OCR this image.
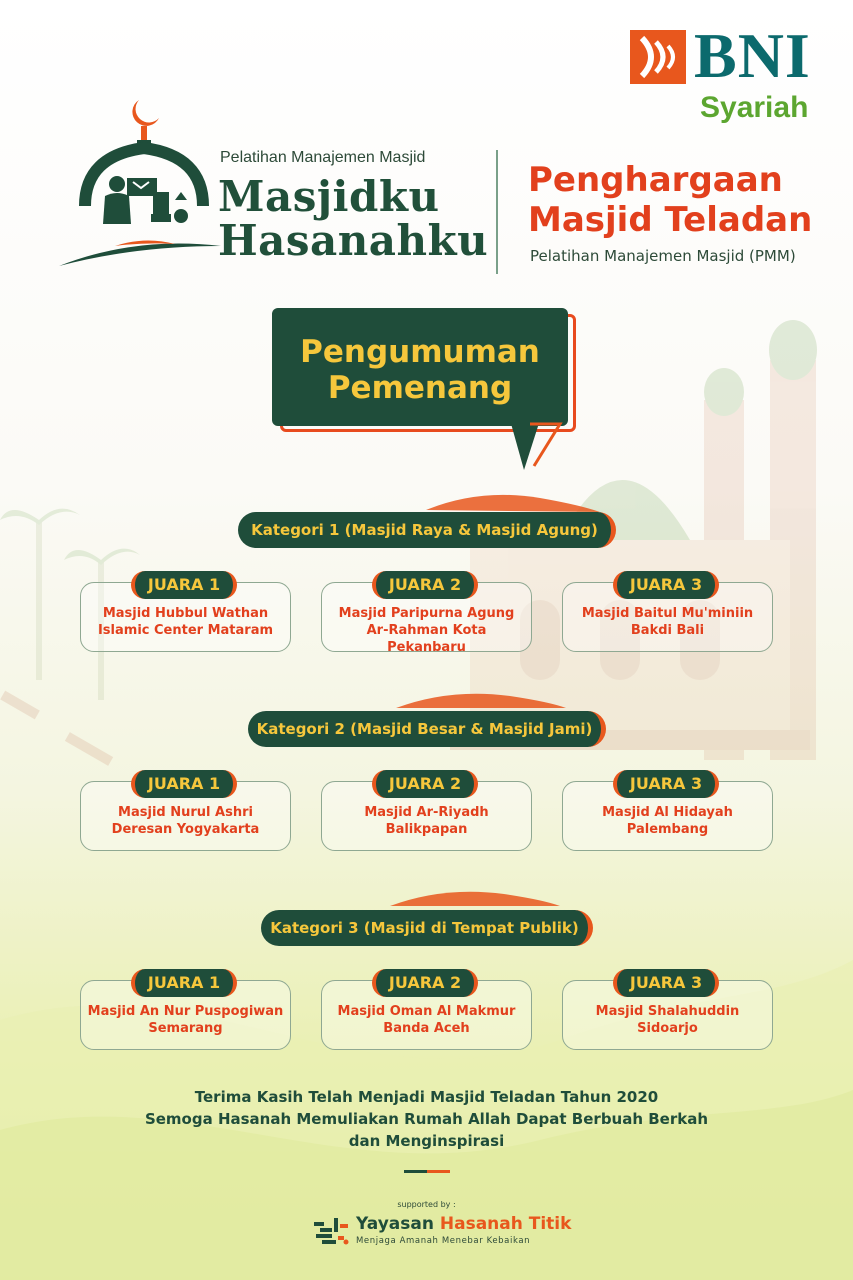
BNI
Syariah
Pelatihan Manajemen Masjid
Masjidku
Hasanahku
Penghargaan
Masjid Teladan
Pelatihan Manajemen Masjid (PMM)
Pengumuman
Pemenang
Kategori 1 (Masjid Raya & Masjid Agung)
Masjid Hubbul Wathan
Islamic Center Mataram
JUARA 1
Masjid Paripurna Agung
Ar-Rahman Kota Pekanbaru
JUARA 2
Masjid Baitul Mu'miniin
Bakdi Bali
JUARA 3
Kategori 2 (Masjid Besar & Masjid Jami)
Masjid Nurul Ashri
Deresan Yogyakarta
JUARA 1
Masjid Ar-Riyadh
Balikpapan
JUARA 2
Masjid Al Hidayah
Palembang
JUARA 3
Kategori 3 (Masjid di Tempat Publik)
Masjid An Nur Puspogiwan
Semarang
JUARA 1
Masjid Oman Al Makmur
Banda Aceh
JUARA 2
Masjid Shalahuddin
Sidoarjo
JUARA 3
Terima Kasih Telah Menjadi Masjid Teladan Tahun 2020
Semoga Hasanah Memuliakan Rumah Allah Dapat Berbuah Berkah
dan Menginspirasi
supported by :
Yayasan Hasanah Titik
Menjaga Amanah Menebar Kebaikan
